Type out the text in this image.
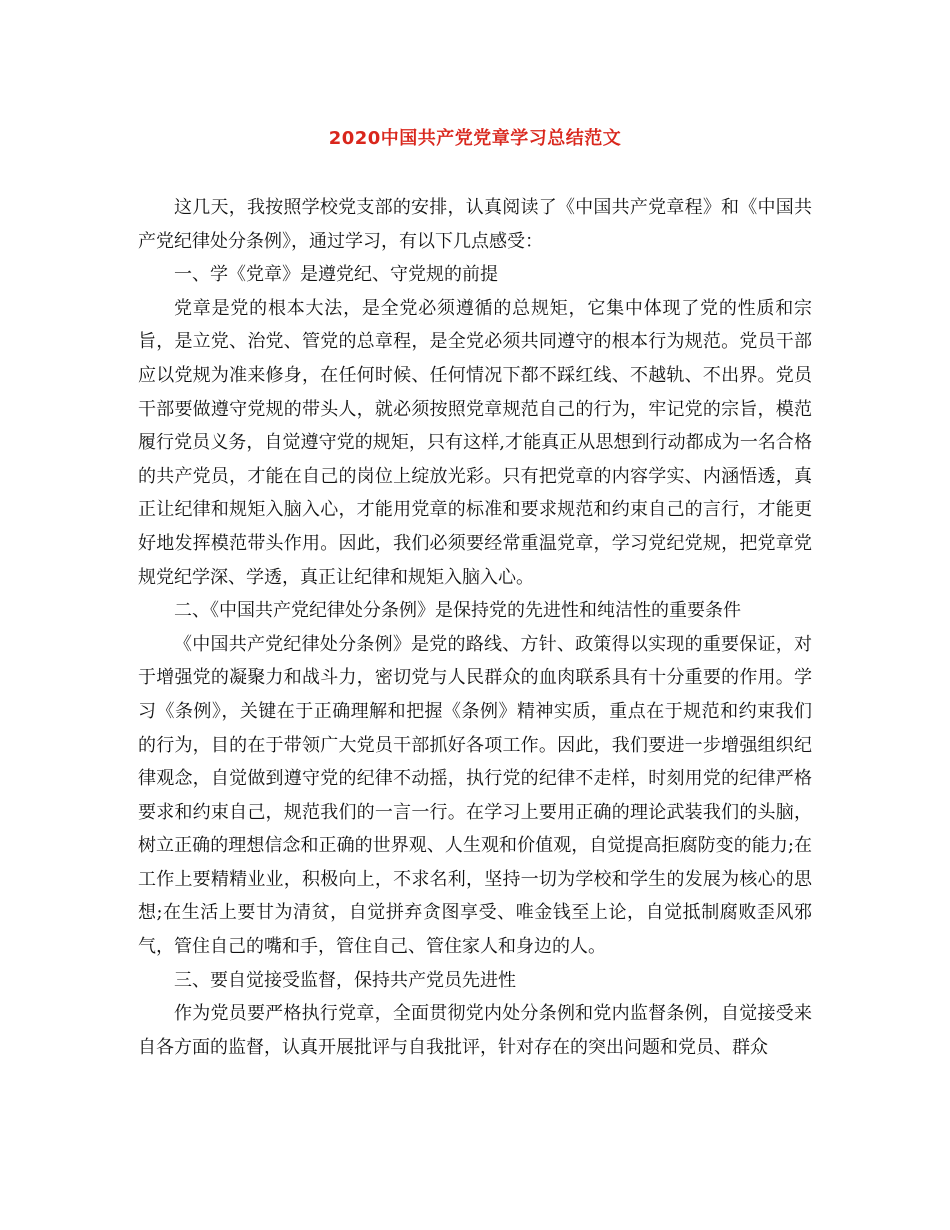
2020中国共产党党章学习总结范文

这几天，我按照学校党支部的安排，认真阅读了《中国共产党章程》和《中国共产党纪律处分条例》，通过学习，有以下几点感受：

一、学《党章》是遵党纪、守党规的前提

党章是党的根本大法，是全党必须遵循的总规矩，它集中体现了党的性质和宗旨，是立党、治党、管党的总章程，是全党必须共同遵守的根本行为规范。党员干部应以党规为准来修身，在任何时候、任何情况下都不踩红线、不越轨、不出界。党员干部要做遵守党规的带头人，就必须按照党章规范自己的行为，牢记党的宗旨，模范履行党员义务，自觉遵守党的规矩，只有这样,才能真正从思想到行动都成为一名合格的共产党员，才能在自己的岗位上绽放光彩。只有把党章的内容学实、内涵悟透，真正让纪律和规矩入脑入心，才能用党章的标准和要求规范和约束自己的言行，才能更好地发挥模范带头作用。因此，我们必须要经常重温党章，学习党纪党规，把党章党规党纪学深、学透，真正让纪律和规矩入脑入心。

二、《中国共产党纪律处分条例》是保持党的先进性和纯洁性的重要条件

《中国共产党纪律处分条例》是党的路线、方针、政策得以实现的重要保证，对于增强党的凝聚力和战斗力，密切党与人民群众的血肉联系具有十分重要的作用。学习《条例》，关键在于正确理解和把握《条例》精神实质，重点在于规范和约束我们的行为，目的在于带领广大党员干部抓好各项工作。因此，我们要进一步增强组织纪律观念，自觉做到遵守党的纪律不动摇，执行党的纪律不走样，时刻用党的纪律严格要求和约束自己，规范我们的一言一行。在学习上要用正确的理论武装我们的头脑，树立正确的理想信念和正确的世界观、人生观和价值观，自觉提高拒腐防变的能力;在工作上要精精业业，积极向上，不求名利，坚持一切为学校和学生的发展为核心的思想;在生活上要甘为清贫，自觉拼弃贪图享受、唯金钱至上论，自觉抵制腐败歪风邪气，管住自己的嘴和手，管住自己、管住家人和身边的人。

三、要自觉接受监督，保持共产党员先进性

作为党员要严格执行党章，全面贯彻党内处分条例和党内监督条例，自觉接受来自各方面的监督，认真开展批评与自我批评，针对存在的突出问题和党员、群众
